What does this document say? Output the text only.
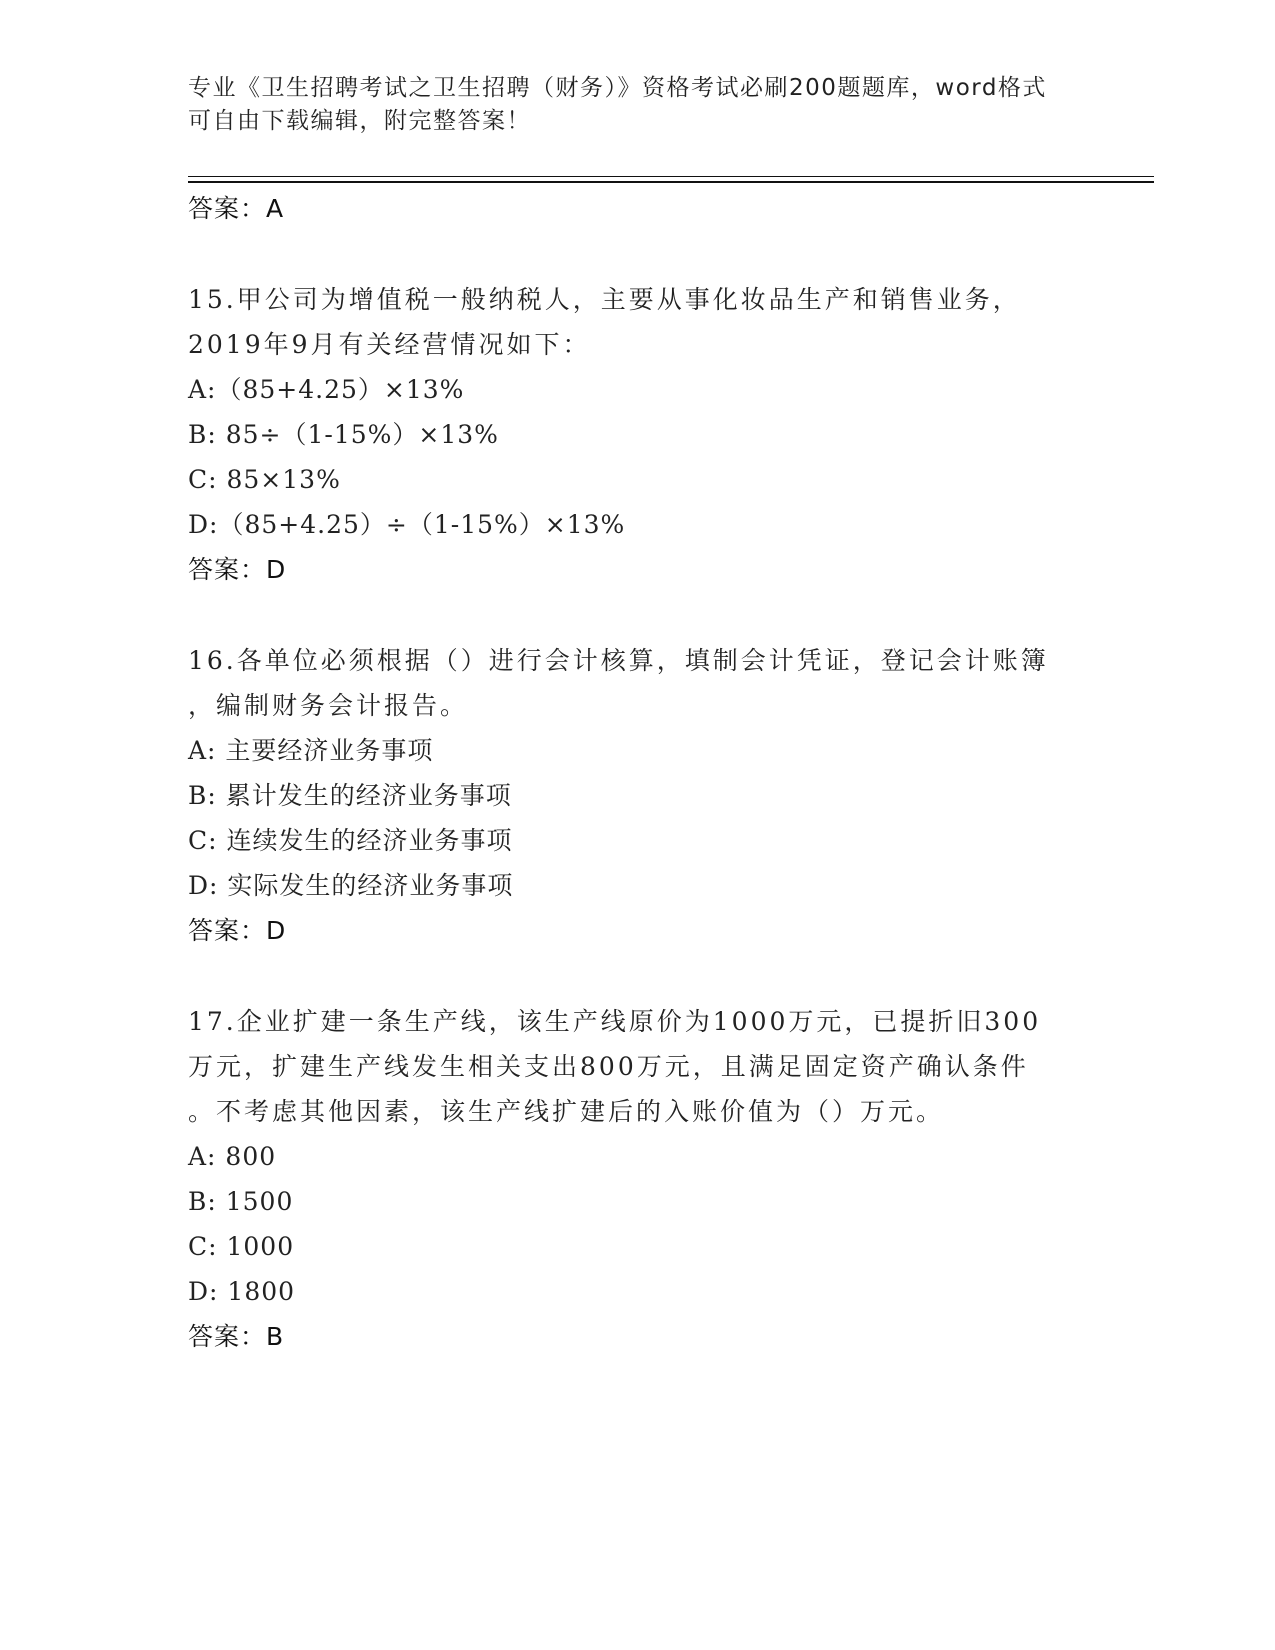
专业《卫生招聘考试之卫生招聘（财务）》资格考试必刷200题题库，word格式
可自由下载编辑，附完整答案！

答案：A

15.甲公司为增值税一般纳税人，主要从事化妆品生产和销售业务，

2019年9月有关经营情况如下：

A:（85+4.25）×13%

B: 85÷（1-15%）×13%

C: 85×13%

D:（85+4.25）÷（1-15%）×13%

答案：D

16.各单位必须根据（）进行会计核算，填制会计凭证，登记会计账簿

，编制财务会计报告。

A: 主要经济业务事项

B: 累计发生的经济业务事项

C: 连续发生的经济业务事项

D: 实际发生的经济业务事项

答案：D

17.企业扩建一条生产线，该生产线原价为1000万元，已提折旧300

万元，扩建生产线发生相关支出800万元，且满足固定资产确认条件

。不考虑其他因素，该生产线扩建后的入账价值为（）万元。

A: 800

B: 1500

C: 1000

D: 1800

答案：B
